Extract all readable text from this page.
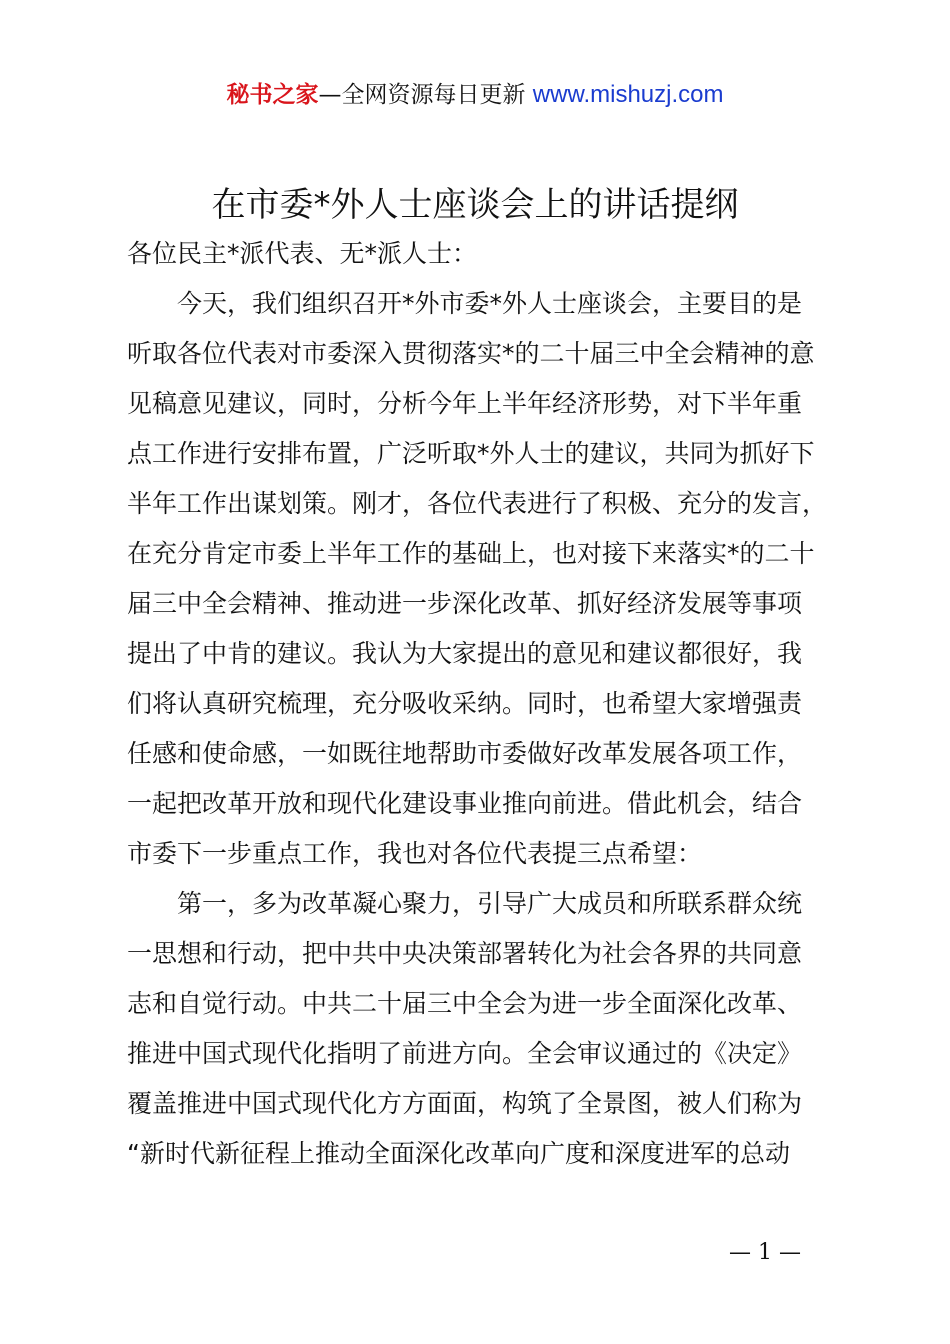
秘书之家—全网资源每日更新 www.mishuzj.com
在市委*外人士座谈会上的讲话提纲
各位民主*派代表、无*派人士：
　　今天，我们组织召开*外市委*外人士座谈会，主要目的是
听取各位代表对市委深入贯彻落实*的二十届三中全会精神的意
见稿意见建议，同时，分析今年上半年经济形势，对下半年重
点工作进行安排布置，广泛听取*外人士的建议，共同为抓好下
半年工作出谋划策。刚才，各位代表进行了积极、充分的发言，
在充分肯定市委上半年工作的基础上，也对接下来落实*的二十
届三中全会精神、推动进一步深化改革、抓好经济发展等事项
提出了中肯的建议。我认为大家提出的意见和建议都很好，我
们将认真研究梳理，充分吸收采纳。同时，也希望大家增强责
任感和使命感，一如既往地帮助市委做好改革发展各项工作，
一起把改革开放和现代化建设事业推向前进。借此机会，结合
市委下一步重点工作，我也对各位代表提三点希望：
　　第一，多为改革凝心聚力，引导广大成员和所联系群众统
一思想和行动，把中共中央决策部署转化为社会各界的共同意
志和自觉行动。中共二十届三中全会为进一步全面深化改革、
推进中国式现代化指明了前进方向。全会审议通过的《决定》
覆盖推进中国式现代化方方面面，构筑了全景图，被人们称为
“新时代新征程上推动全面深化改革向广度和深度进军的总动
— 1 —
